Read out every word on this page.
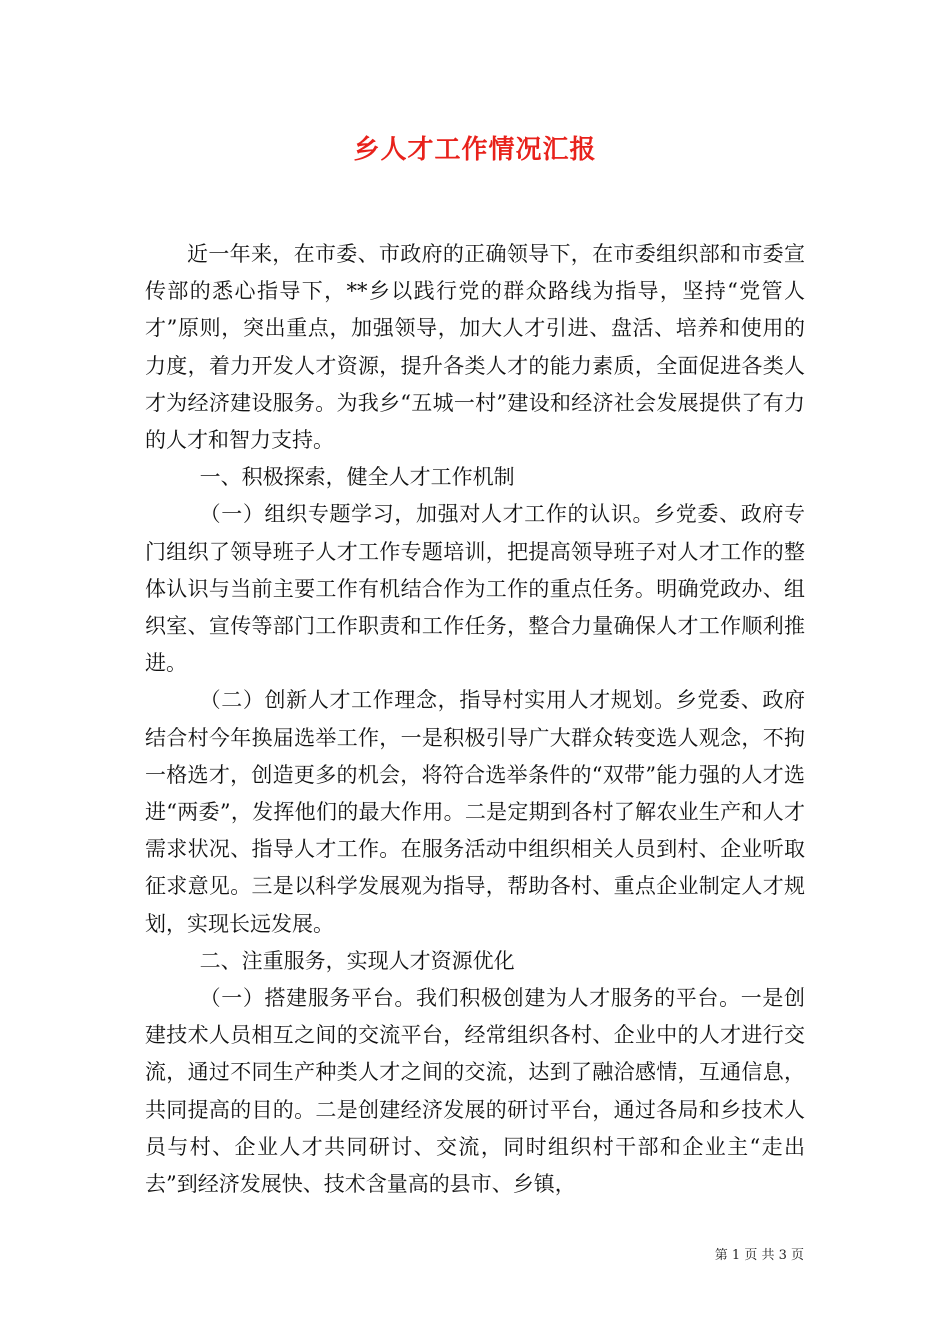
乡人才工作情况汇报

近一年来，在市委、市政府的正确领导下，在市委组织部和市委宣传部的悉心指导下，**乡以践行党的群众路线为指导，坚持“党管人才”原则，突出重点，加强领导，加大人才引进、盘活、培养和使用的力度，着力开发人才资源，提升各类人才的能力素质，全面促进各类人才为经济建设服务。为我乡“五城一村”建设和经济社会发展提供了有力的人才和智力支持。

一、积极探索，健全人才工作机制

（一）组织专题学习，加强对人才工作的认识。乡党委、政府专门组织了领导班子人才工作专题培训，把提高领导班子对人才工作的整体认识与当前主要工作有机结合作为工作的重点任务。明确党政办、组织室、宣传等部门工作职责和工作任务，整合力量确保人才工作顺利推进。

（二）创新人才工作理念，指导村实用人才规划。乡党委、政府结合村今年换届选举工作，一是积极引导广大群众转变选人观念，不拘一格选才，创造更多的机会，将符合选举条件的“双带”能力强的人才选进“两委”，发挥他们的最大作用。二是定期到各村了解农业生产和人才需求状况、指导人才工作。在服务活动中组织相关人员到村、企业听取征求意见。三是以科学发展观为指导，帮助各村、重点企业制定人才规划，实现长远发展。

二、注重服务，实现人才资源优化

（一）搭建服务平台。我们积极创建为人才服务的平台。一是创建技术人员相互之间的交流平台，经常组织各村、企业中的人才进行交流，通过不同生产种类人才之间的交流，达到了融洽感情，互通信息，共同提高的目的。二是创建经济发展的研讨平台，通过各局和乡技术人员与村、企业人才共同研讨、交流，同时组织村干部和企业主“走出去”到经济发展快、技术含量高的县市、乡镇，

第 1 页 共 3 页
